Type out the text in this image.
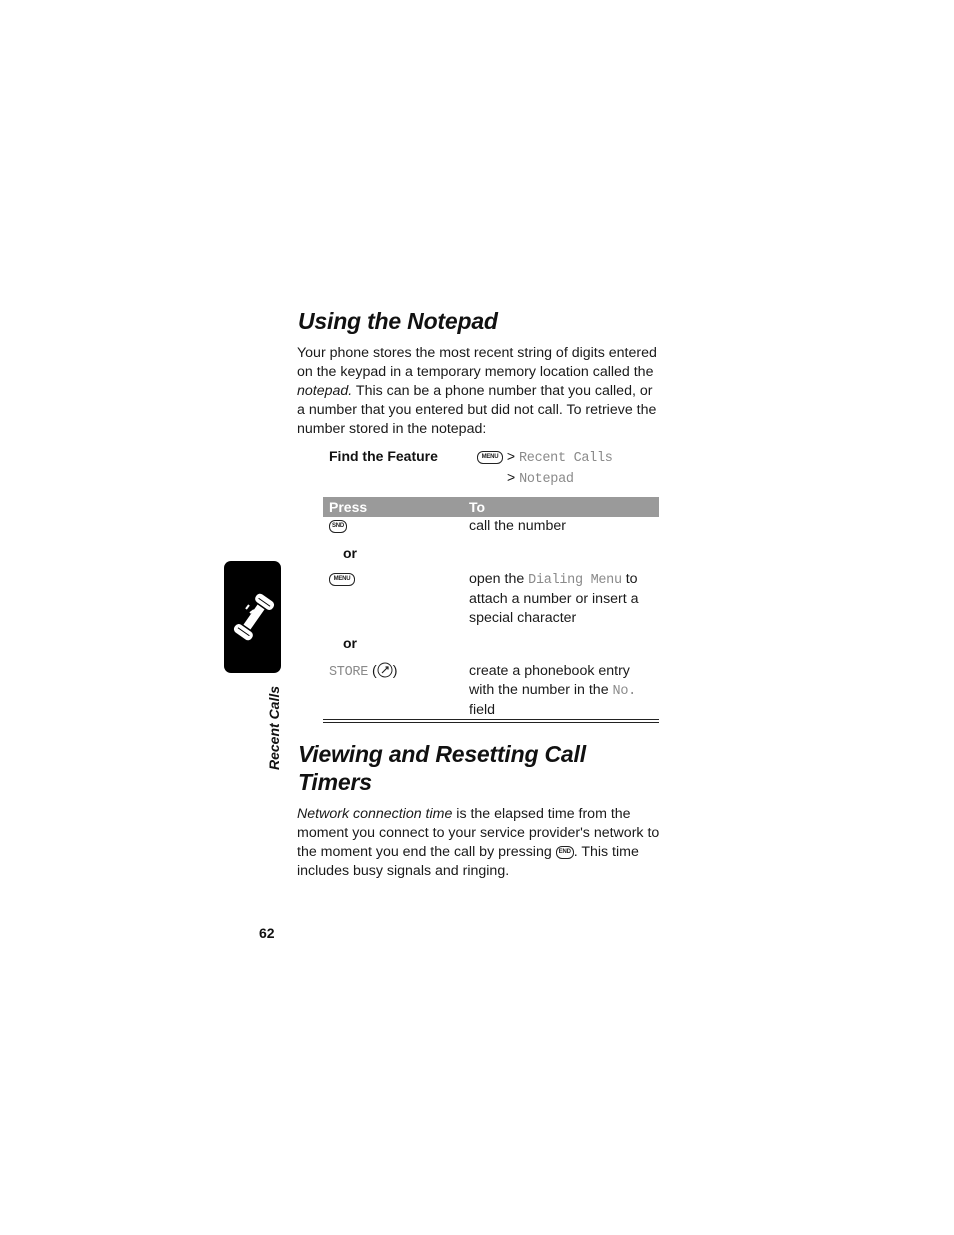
Using the Notepad

Your phone stores the most recent string of digits entered on the keypad in a temporary memory location called the notepad. This can be a phone number that you called, or a number that you entered but did not call. To retrieve the number stored in the notepad:

Find the Feature	MENU > Recent Calls
> Notepad
Press	To
SND	call the number
or
MENU	open the Dialing Menu to attach a number or insert a special character
or
STORE ( )	create a phonebook entry with the number in the No. field
Viewing and Resetting Call
Timers

Network connection time is the elapsed time from the moment you connect to your service provider's network to the moment you end the call by pressing END . This time includes busy signals and ringing.

Recent Calls
62
